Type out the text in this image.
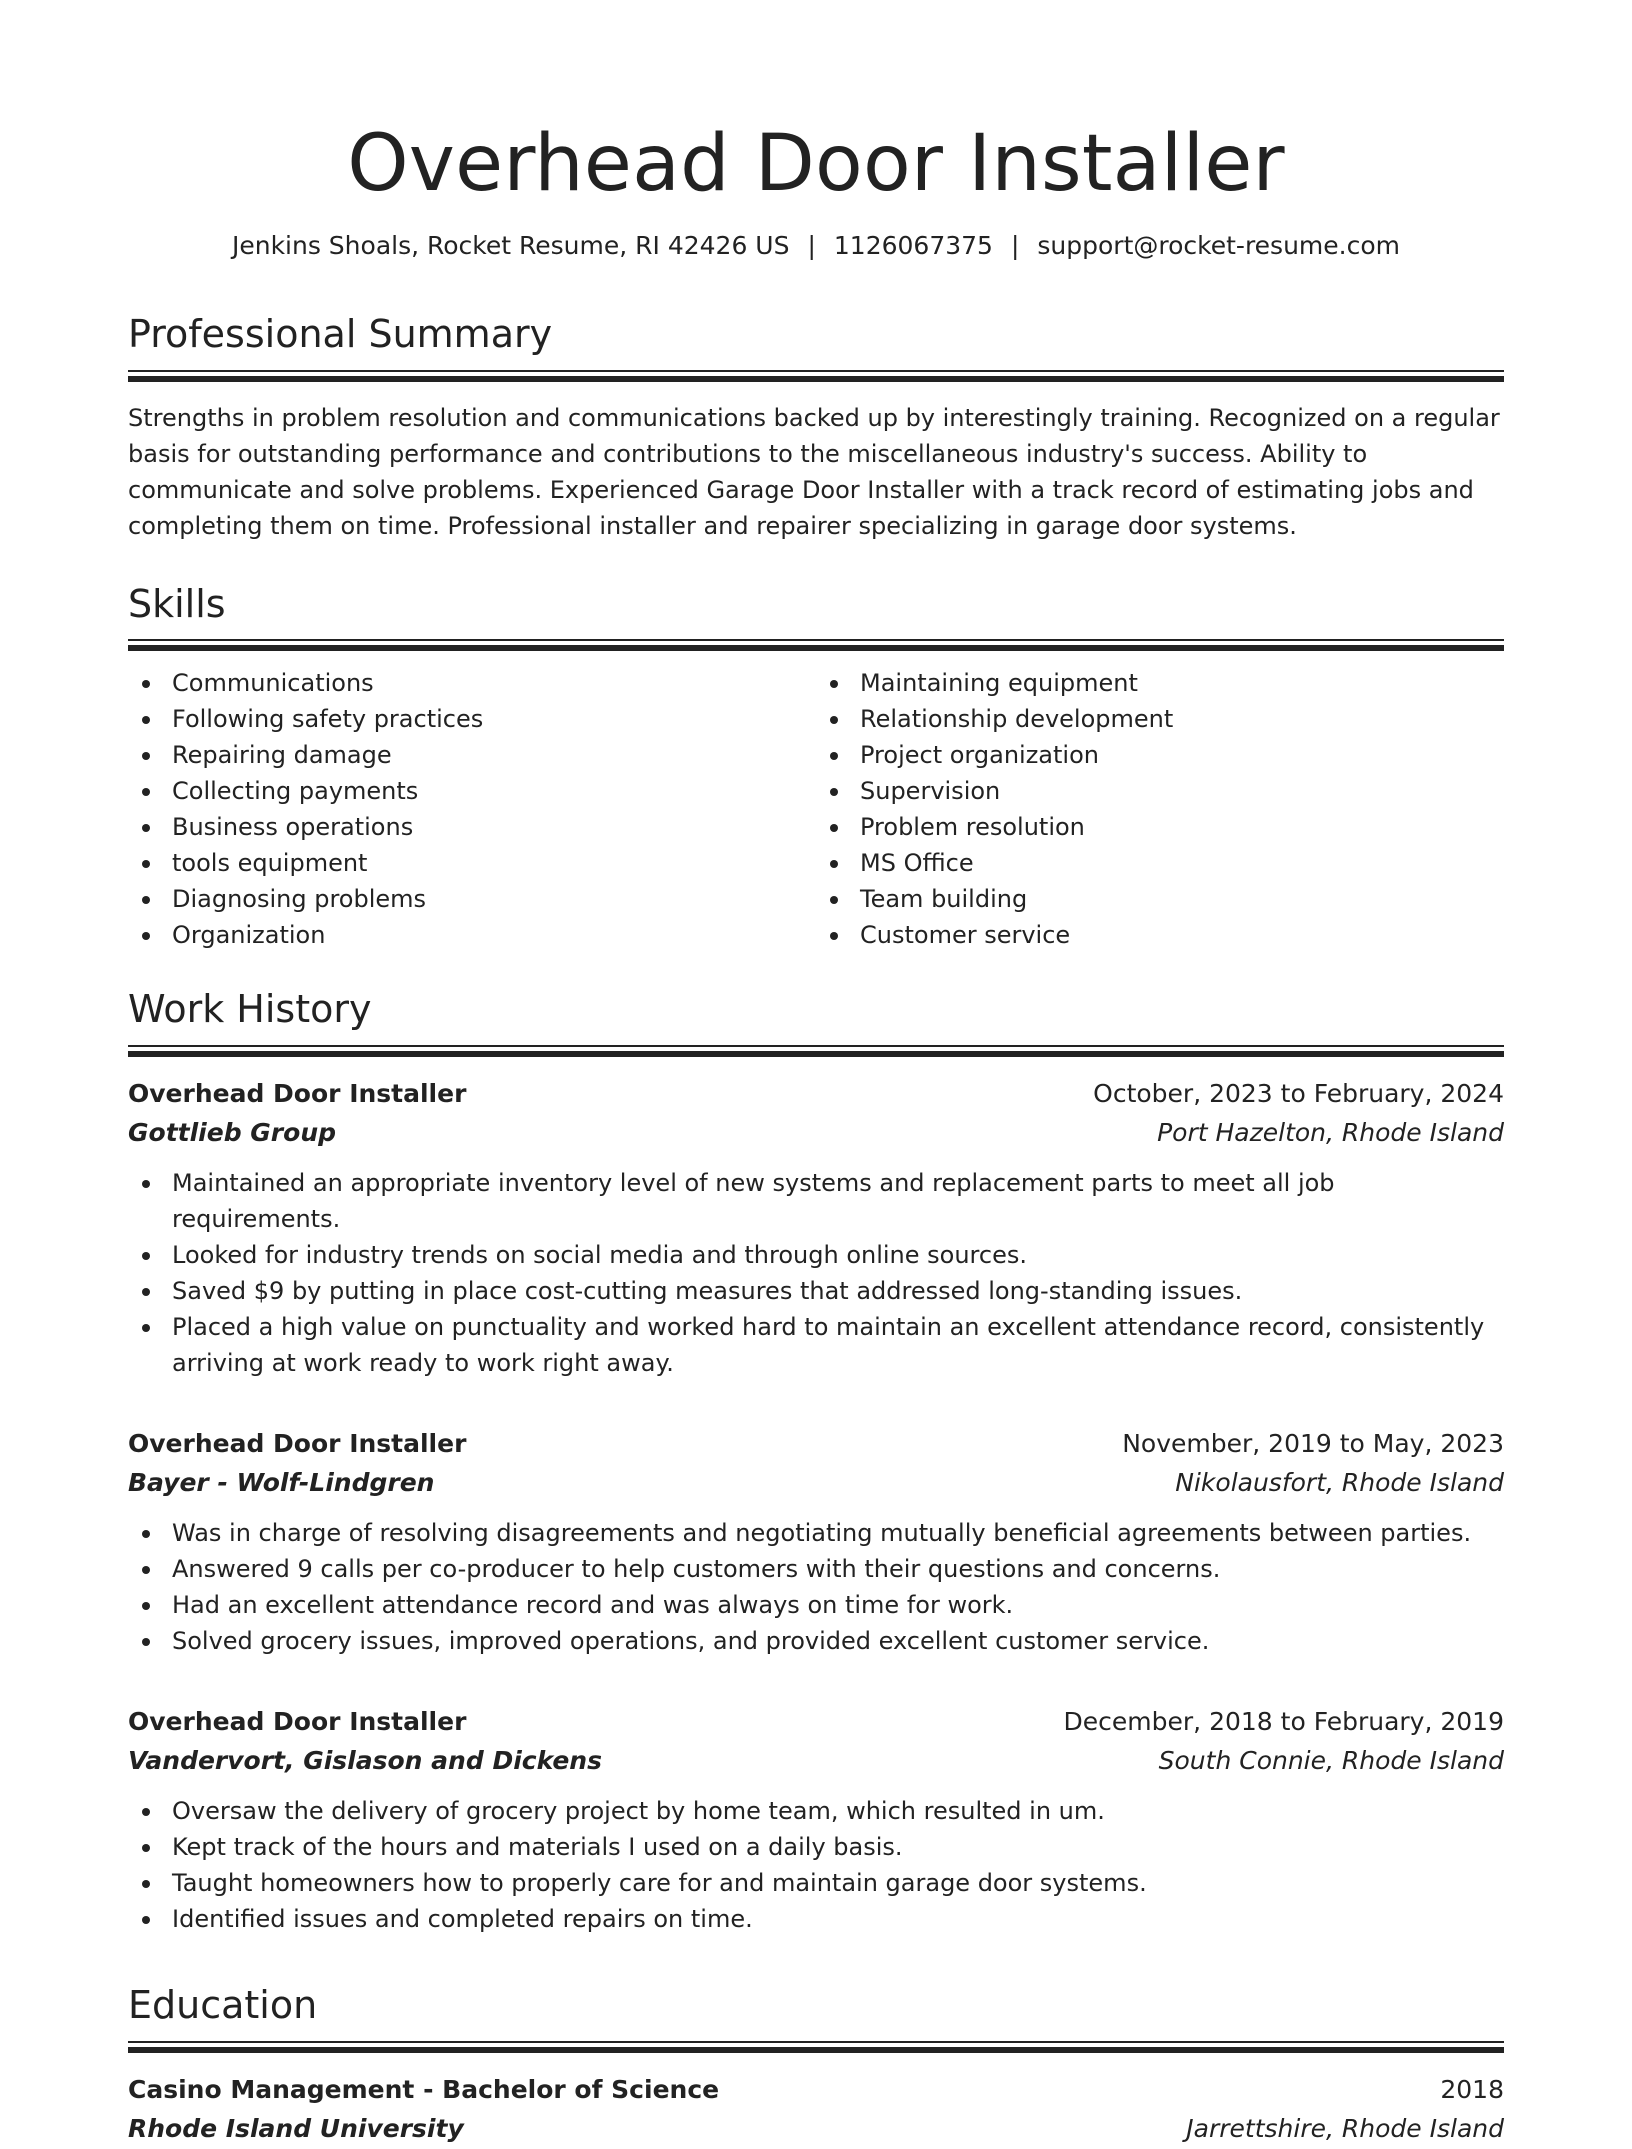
Overhead Door Installer
Jenkins Shoals, Rocket Resume, RI 42426 US | 1126067375 | support@rocket-resume.com
Professional Summary

Strengths in problem resolution and communications backed up by interestingly training. Recognized on a regular basis for outstanding performance and contributions to the miscellaneous industry's success. Ability to communicate and solve problems. Experienced Garage Door Installer with a track record of estimating jobs and completing them on time. Professional installer and repairer specializing in garage door systems.

Skills
Communications
Following safety practices
Repairing damage
Collecting payments
Business operations
tools equipment
Diagnosing problems
Organization
Maintaining equipment
Relationship development
Project organization
Supervision
Problem resolution
MS Office
Team building
Customer service
Work History
Overhead Door Installer	October, 2023 to February, 2024
Gottlieb Group	Port Hazelton, Rhode Island
Maintained an appropriate inventory level of new systems and replacement parts to meet all job requirements.
Looked for industry trends on social media and through online sources.
Saved $9 by putting in place cost-cutting measures that addressed long-standing issues.
Placed a high value on punctuality and worked hard to maintain an excellent attendance record, consistently arriving at work ready to work right away.
Overhead Door Installer	November, 2019 to May, 2023
Bayer - Wolf-Lindgren	Nikolausfort, Rhode Island
Was in charge of resolving disagreements and negotiating mutually beneficial agreements between parties.
Answered 9 calls per co-producer to help customers with their questions and concerns.
Had an excellent attendance record and was always on time for work.
Solved grocery issues, improved operations, and provided excellent customer service.
Overhead Door Installer	December, 2018 to February, 2019
Vandervort, Gislason and Dickens	South Connie, Rhode Island
Oversaw the delivery of grocery project by home team, which resulted in um.
Kept track of the hours and materials I used on a daily basis.
Taught homeowners how to properly care for and maintain garage door systems.
Identified issues and completed repairs on time.
Education
Casino Management - Bachelor of Science	2018
Rhode Island University	Jarrettshire, Rhode Island
